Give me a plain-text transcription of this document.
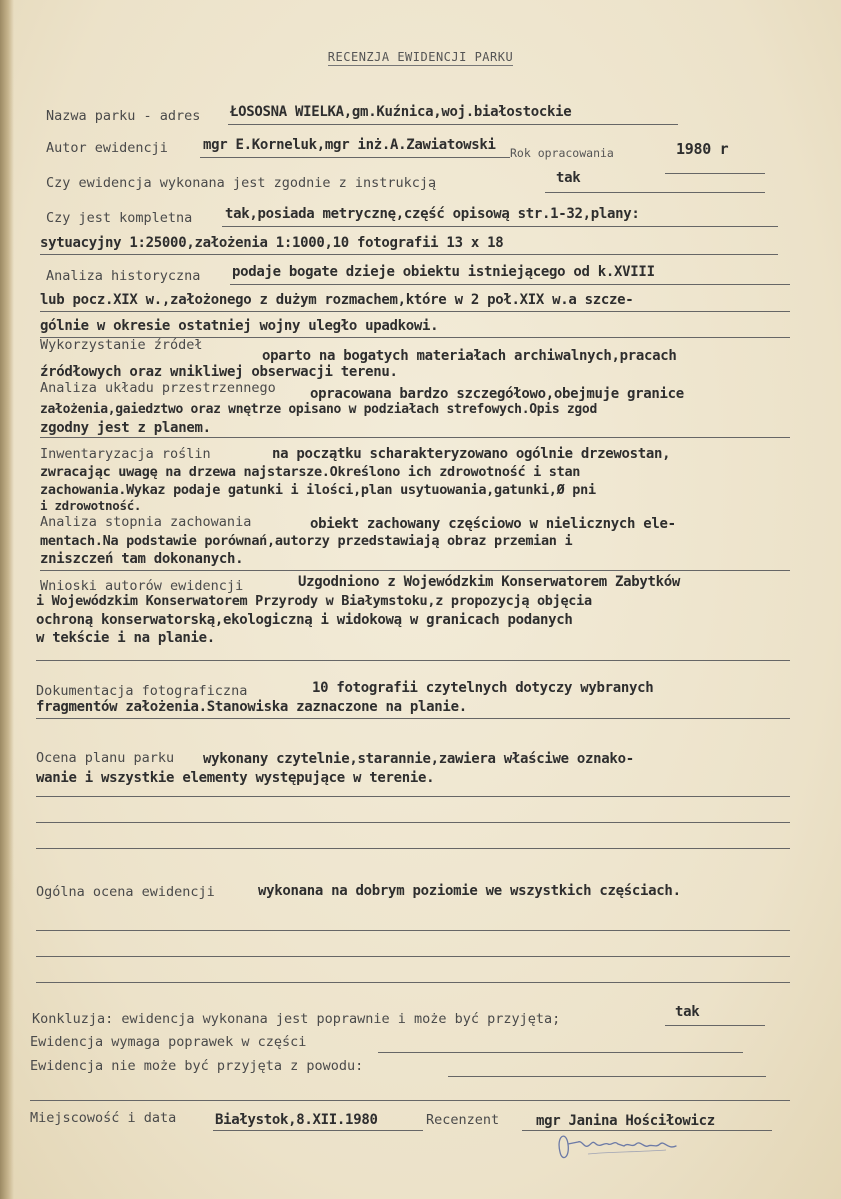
RECENZJA EWIDENCJI PARKU
Nazwa parku - adres ŁOSOSNA WIELKA,gm.Kuźnica,woj.białostockie
Autor ewidencji	mgr E.Korneluk,mgr inż.A.Zawiatowski Rok opracowania	1980 r
Czy ewidencja wykonana jest zgodnie z instrukcją	tak
Czy jest kompletna tak,posiada metrycznę,część opisową str.1-32,plany:
sytuacyjny 1:25000,założenia 1:1000,10 fotografii 13 x 18
Analiza historyczna podaje bogate dzieje obiektu istniejącego od k.XVIII
lub pocz.XIX w.,założonego z dużym rozmachem,które w 2 poł.XIX w.a szcze-
gólnie w okresie ostatniej wojny uległo upadkowi.
Wykorzystanie źródeł
oparto na bogatych materiałach archiwalnych,pracach
źródłowych oraz wnikliwej obserwacji terenu.
Analiza układu przestrzennego opracowana bardzo szczegółowo,obejmuje granice
założenia,gaiedztwo oraz wnętrze opisano w podziałach strefowych.Opis zgod
zgodny jest z planem.
Inwentaryzacja roślin	na początku scharakteryzowano ogólnie drzewostan,
zwracając uwagę na drzewa najstarsze.Określono ich zdrowotność i stan
zachowania.Wykaz podaje gatunki i ilości,plan usytuowania,gatunki,Ø pni
i zdrowotność.
Analiza stopnia zachowania	obiekt zachowany częściowo w nielicznych ele-
mentach.Na podstawie porównań,autorzy przedstawiają obraz przemian i
zniszczeń tam dokonanych.
Wnioski autorów ewidencji	Uzgodniono z Wojewódzkim Konserwatorem Zabytków
i Wojewódzkim Konserwatorem Przyrody w Białymstoku,z propozycją objęcia
ochroną konserwatorską,ekologiczną i widokową w granicach podanych
w tekście i na planie.
Dokumentacja fotograficzna	10 fotografii czytelnych dotyczy wybranych
fragmentów założenia.Stanowiska zaznaczone na planie.
Ocena planu parku wykonany czytelnie,starannie,zawiera właściwe oznako-
wanie i wszystkie elementy występujące w terenie.
Ogólna ocena ewidencji	wykonana na dobrym poziomie we wszystkich częściach.
Konkluzja: ewidencja wykonana jest poprawnie i może być przyjęta;	tak
Ewidencja wymaga poprawek w części
Ewidencja nie może być przyjęta z powodu:
Miejscowość i data	Białystok,8.XII.1980	Recenzent	mgr Janina Hościłowicz
